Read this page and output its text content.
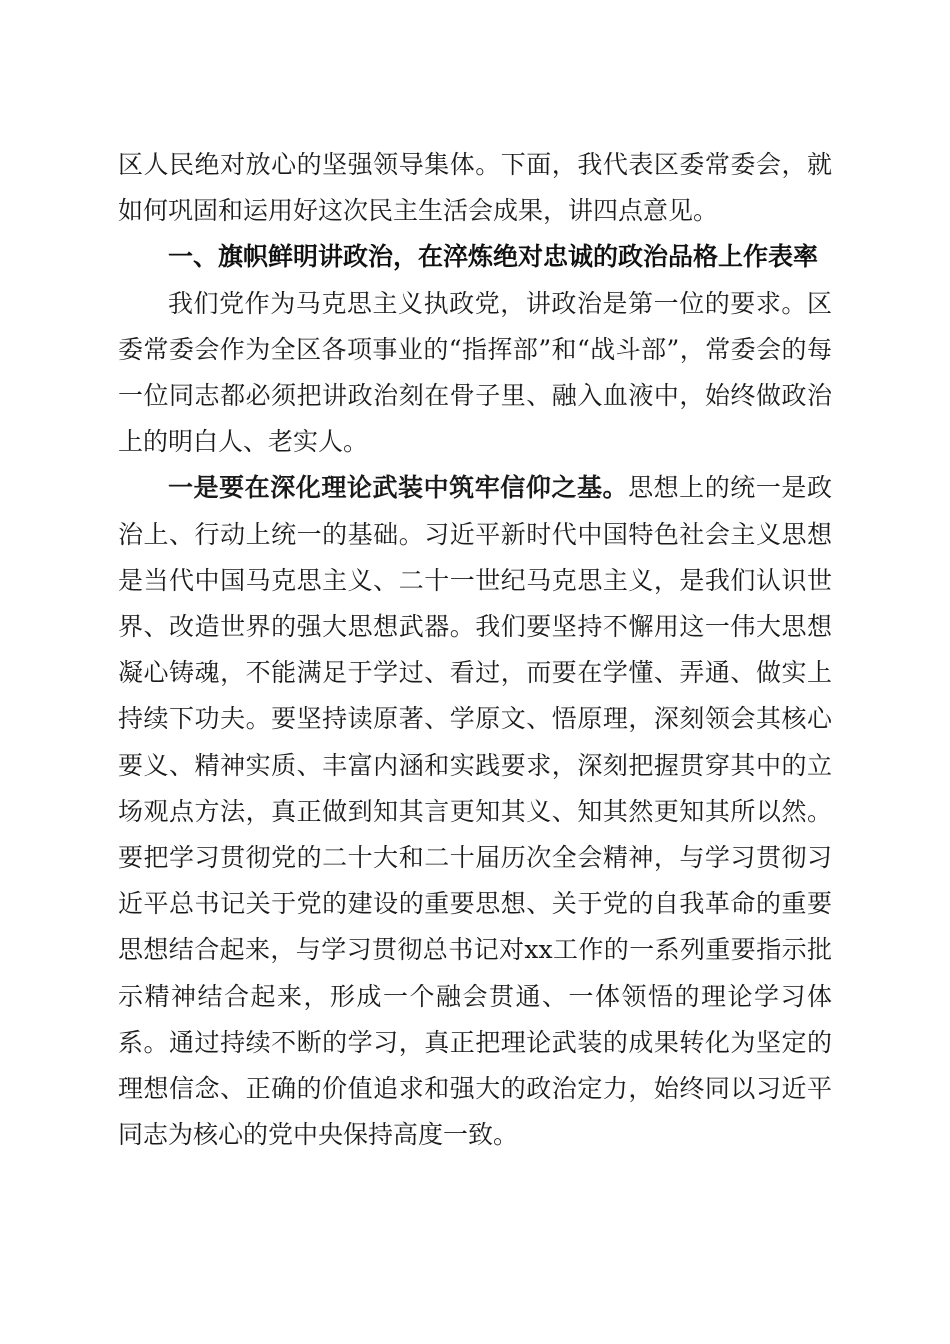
区人民绝对放心的坚强领导集体。下面，我代表区委常委会，就如何巩固和运用好这次民主生活会成果，讲四点意见。

一、旗帜鲜明讲政治，在淬炼绝对忠诚的政治品格上作表率

我们党作为马克思主义执政党，讲政治是第一位的要求。区委常委会作为全区各项事业的“指挥部”和“战斗部”，常委会的每一位同志都必须把讲政治刻在骨子里、融入血液中，始终做政治上的明白人、老实人。

一是要在深化理论武装中筑牢信仰之基。思想上的统一是政治上、行动上统一的基础。习近平新时代中国特色社会主义思想是当代中国马克思主义、二十一世纪马克思主义，是我们认识世界、改造世界的强大思想武器。我们要坚持不懈用这一伟大思想凝心铸魂，不能满足于学过、看过，而要在学懂、弄通、做实上持续下功夫。要坚持读原著、学原文、悟原理，深刻领会其核心要义、精神实质、丰富内涵和实践要求，深刻把握贯穿其中的立场观点方法，真正做到知其言更知其义、知其然更知其所以然。要把学习贯彻党的二十大和二十届历次全会精神，与学习贯彻习近平总书记关于党的建设的重要思想、关于党的自我革命的重要思想结合起来，与学习贯彻总书记对xx工作的一系列重要指示批示精神结合起来，形成一个融会贯通、一体领悟的理论学习体系。通过持续不断的学习，真正把理论武装的成果转化为坚定的理想信念、正确的价值追求和强大的政治定力，始终同以习近平同志为核心的党中央保持高度一致。
